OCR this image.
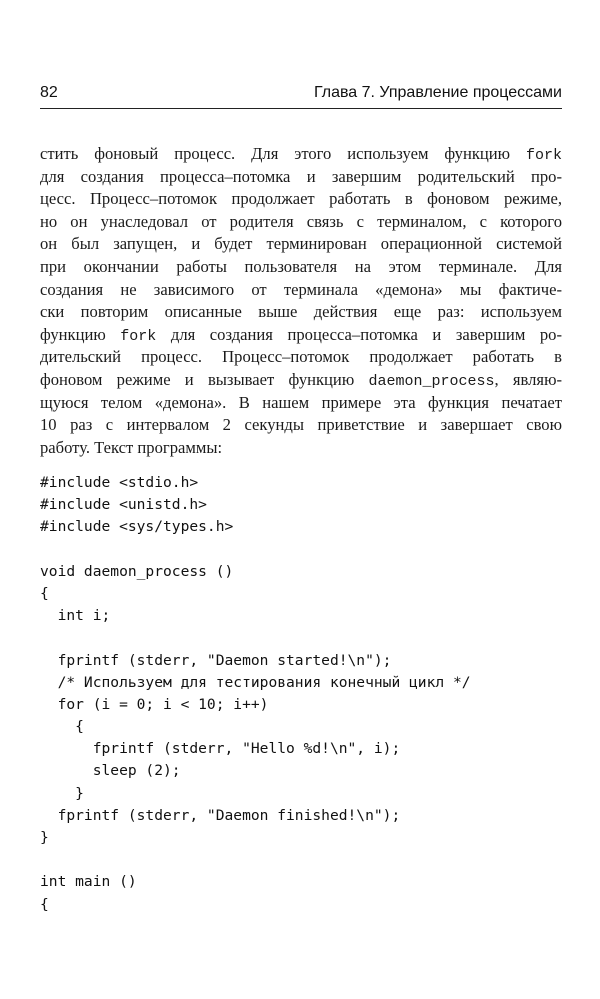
82	Глава 7. Управление процессами
стить фоновый процесс. Для этого используем функцию fork
для создания процесса–потомка и завершим родительский про-
цесс. Процесс–потомок продолжает работать в фоновом режиме,
но он унаследовал от родителя связь с терминалом, с которого
он был запущен, и будет терминирован операционной системой
при окончании работы пользователя на этом терминале. Для
создания не зависимого от терминала «демона» мы фактиче-
ски повторим описанные выше действия еще раз: используем
функцию fork для создания процесса–потомка и завершим ро-
дительский процесс. Процесс–потомок продолжает работать в
фоновом режиме и вызывает функцию daemon_process, являю-
щуюся телом «демона». В нашем примере эта функция печатает
10 раз с интервалом 2 секунды приветствие и завершает свою
работу. Текст программы:
#include <stdio.h>
#include <unistd.h>
#include <sys/types.h>
void daemon_process ()
{
int i;
fprintf (stderr, "Daemon started!\n");
/* Используем для тестирования конечный цикл */
for (i = 0; i < 10; i++)
{
fprintf (stderr, "Hello %d!\n", i);
sleep (2);
}
fprintf (stderr, "Daemon finished!\n");
}
int main ()
{
